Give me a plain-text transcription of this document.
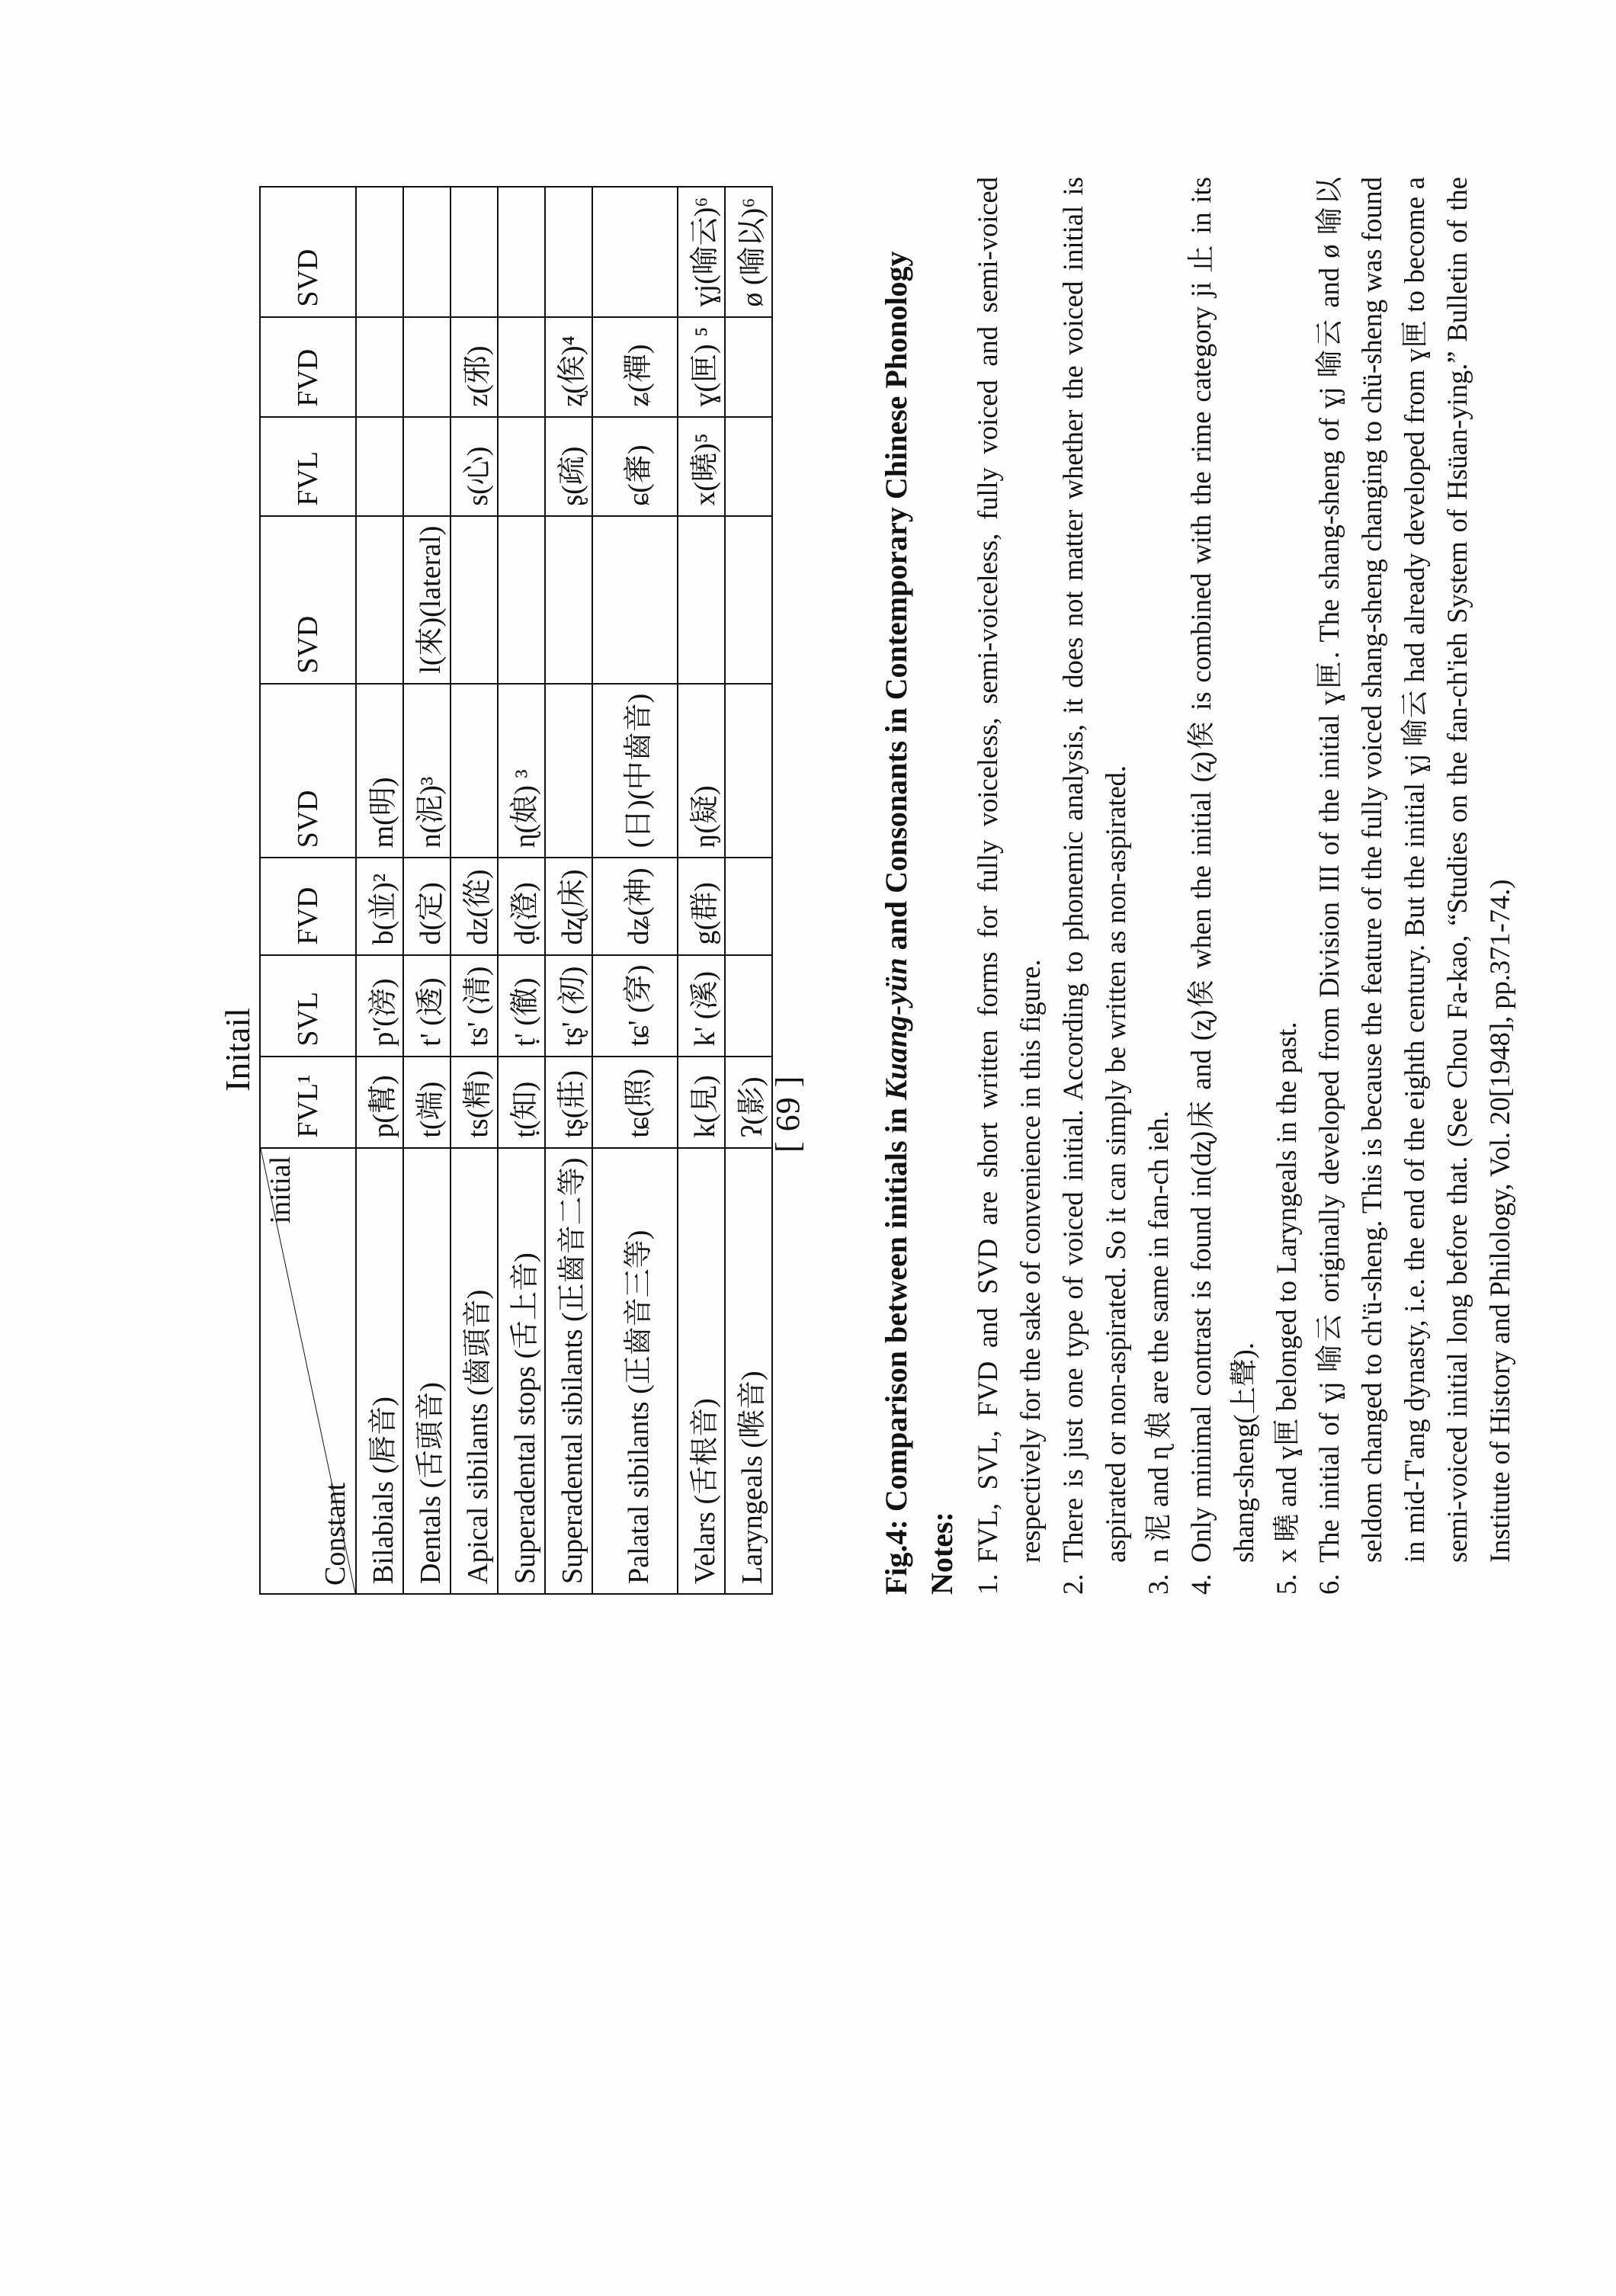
[ 69 ]
Initail
initial
Constant	FVL¹	SVL	FVD	SVD	SVD	FVL	FVD	SVD
Bilabials (唇音)	p(幫)	p'(滂)	b(並)²	m(明)				
Dentals (舌頭音)	t(端)	t' (透)	d(定)	n(泥)³	l(來)(lateral)			
Apical sibilants (齒頭音)	ts(精)	ts' (清)	dz(從)			s(心)	z(邪)	
Superadental stops (舌上音)	ṭ(知)	ṭ' (徹)	ḍ(澄)	ɳ(娘) ³				
Superadental sibilants (正齒音二等)	tʂ(莊)	tʂ' (初)	dʐ(床)			ʂ(疏)	ʐ(俟)⁴	
Palatal sibilants (正齒音三等)	tɕ(照)	tɕ' (穿)	dʑ(神)	(日)(中齒音)		ɕ(審)	ʑ(禪)	
Velars (舌根音)	k(見)	k' (溪)	g(群)	ŋ(疑)		x(曉)⁵	ɣ(匣) ⁵	ɣj(喻云)⁶
Laryngeals (喉音)	ʔ(影)							ø (喻以)⁶
Fig.4: Comparison between initials in Kuang-yün and Consonants in Contemporary Chinese Phonology
Notes: 1.
FVL, SVL, FVD and SVD are short written forms for fully voiceless, semi-voiceless, fully voiced and semi-voiced respectively for the sake of convenience in this figure.
2.
There is just one type of voiced initial. According to phonemic analysis, it does not matter whether the voiced initial is aspirated or non-aspirated. So it can simply be written as non-aspirated.
3.
n 泥 and ɳ 娘 are the same in fan-ch ieh.
4.
Only minimal contrast is found in(dʐ)床 and (ʐ)俟 when the initial (ʐ)俟 is combined with the rime category ji 止 in its shang-sheng(上聲).
5.
x 曉 and ɣ匣 belonged to Laryngeals in the past.
6.
The initial of ɣj 喻云 originally developed from Division III of the initial ɣ匣. The shang-sheng of ɣj 喻云 and ø 喻以 seldom changed to ch'ü-sheng. This is because the feature of the fully voiced shang-sheng changing to chü-sheng was found in mid-T'ang dynasty, i.e. the end of the eighth century. But the initial ɣj 喻云 had already developed from ɣ匣 to become a semi-voiced initial long before that. (See Chou Fa-kao, “Studies on the fan-ch'ieh System of Hsüan-ying.” Bulletin of the Institute of History and Philology, Vol. 20[1948], pp.371-74.)
